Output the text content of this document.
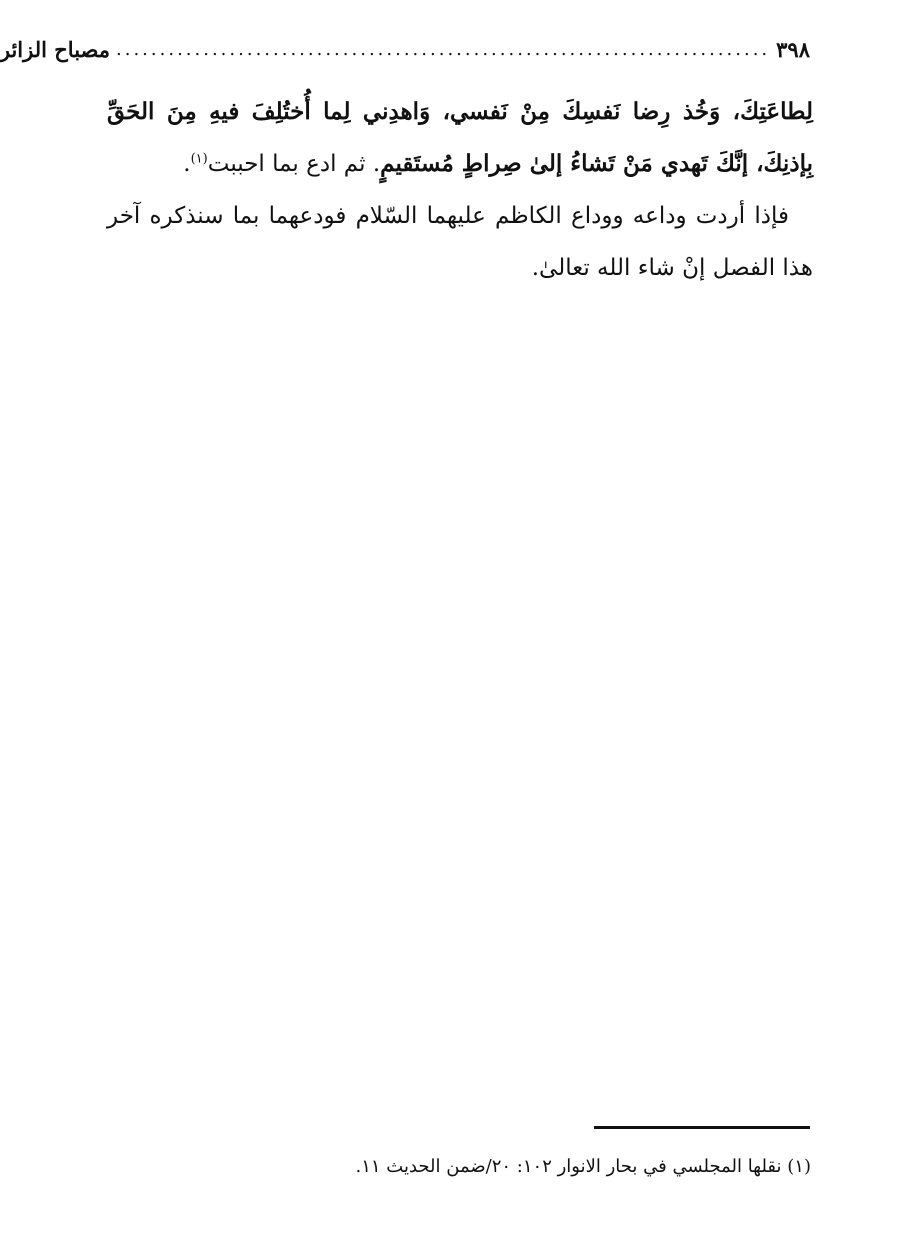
٣٩٨
...........................................................................
مصباح الزائر

لِطاعَتِكَ، وَخُذ رِضا نَفسِكَ مِنْ نَفسي، وَاهدِني لِما أُختُلِفَ فيهِ مِنَ الحَقِّ بِإذنِكَ، إنَّكَ تَهدي مَنْ تَشاءُ إلىٰ صِراطٍ مُستَقيمٍ. ثم ادع بما احببت$^{(١)}$.

فإذا أردت وداعه ووداع الكاظم عليهما السّلام فودعهما بما سنذكره آخر هذا الفصل إنْ شاء الله تعالىٰ.

(١) نقلها المجلسي في بحار الانوار ١٠٢: ٢٠/ضمن الحديث ١١.
